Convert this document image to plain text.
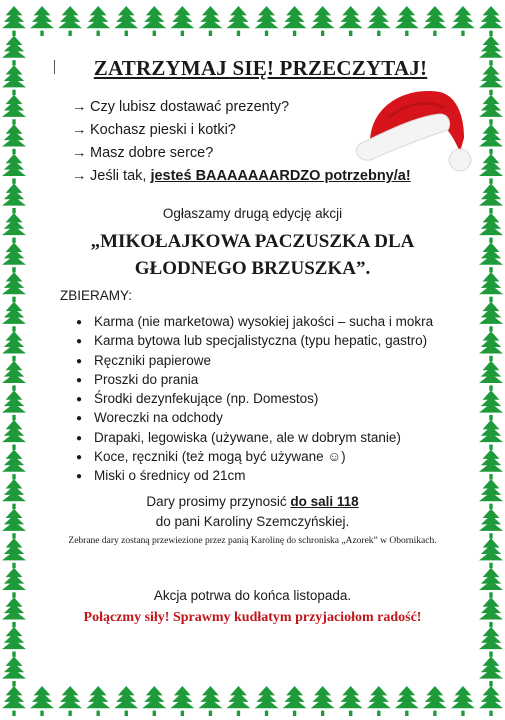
ZATRZYMAJ SIĘ! PRZECZYTAJ!
→ Czy lubisz dostawać prezenty?
→ Kochasz pieski i kotki?
→ Masz dobre serce?
→ Jeśli tak, jesteś BAAAAAAARDZO potrzebny/a!
Ogłaszamy drugą edycję akcji
„MIKOŁAJKOWA PACZUSZKA DLA GŁODNEGO BRZUSZKA”.
ZBIERAMY:
● Karma (nie marketowa) wysokiej jakości – sucha i mokra
● Karma bytowa lub specjalistyczna (typu hepatic, gastro)
● Ręczniki papierowe
● Proszki do prania
● Środki dezynfekujące (np. Domestos)
● Woreczki na odchody
● Drapaki, legowiska (używane, ale w dobrym stanie)
● Koce, ręczniki (też mogą być używane ☺)
● Miski o średnicy od 21cm
Dary prosimy przynosić do sali 118
do pani Karoliny Szemczyńskiej.
Zebrane dary zostaną przewiezione przez panią Karolinę do schroniska „Azorek” w Obornikach.
Akcja potrwa do końca listopada.
Połączmy siły! Sprawmy kudłatym przyjaciołom radość!
